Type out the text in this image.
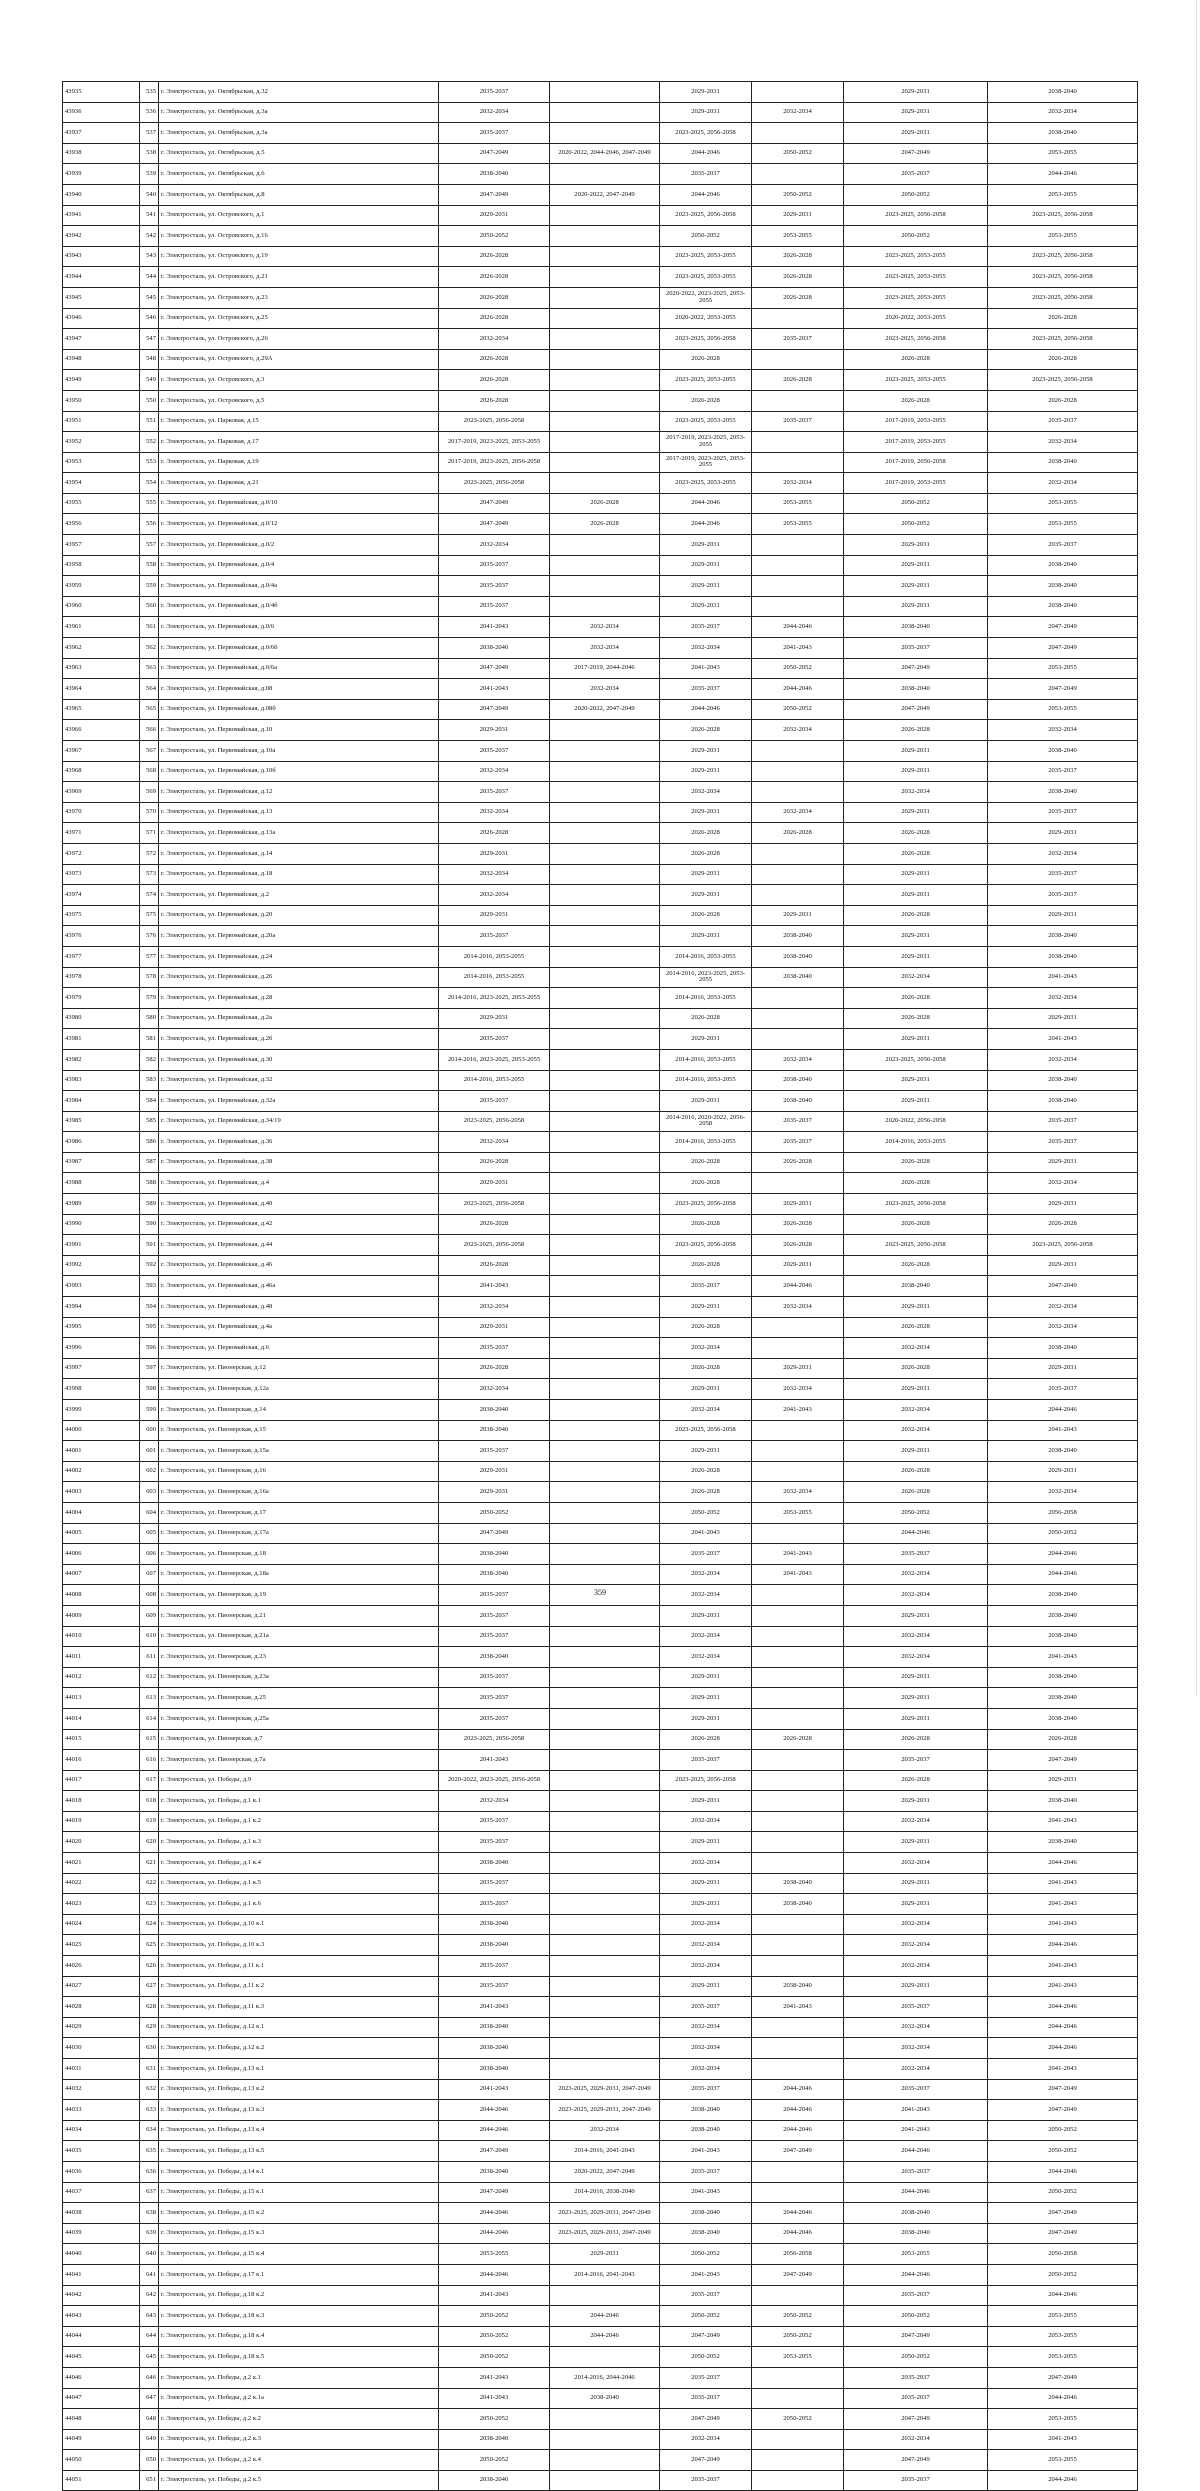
43935	535	г. Электросталь, ул. Октябрьская, д.32	2035-2037		2029-2031		2029-2031	2038-2040
43936	536	г. Электросталь, ул. Октябрьская, д.3а	2032-2034		2029-2031	2032-2034	2029-2031	2032-2034
43937	537	г. Электросталь, ул. Октябрьская, д.3а	2035-2037		2023-2025, 2056-2058		2029-2031	2038-2040
43938	538	г. Электросталь, ул. Октябрьская, д.5	2047-2049	2020-2022, 2044-2046, 2047-2049	2044-2046	2050-2052	2047-2049	2053-2055
43939	539	г. Электросталь, ул. Октябрьская, д.6	2038-2040		2035-2037		2035-2037	2044-2046
43940	540	г. Электросталь, ул. Октябрьская, д.8	2047-2049	2020-2022, 2047-2049	2044-2046	2050-2052	2050-2052	2053-2055
43941	541	г. Электросталь, ул. Островского, д.1	2029-2031		2023-2025, 2056-2058	2029-2031	2023-2025, 2056-2058	2023-2025, 2056-2058
43942	542	г. Электросталь, ул. Островского, д.16	2050-2052		2050-2052	2053-2055	2050-2052	2053-2055
43943	543	г. Электросталь, ул. Островского, д.19	2026-2028		2023-2025, 2053-2055	2026-2028	2023-2025, 2053-2055	2023-2025, 2056-2058
43944	544	г. Электросталь, ул. Островского, д.21	2026-2028		2023-2025, 2053-2055	2026-2028	2023-2025, 2053-2055	2023-2025, 2056-2058
43945	545	г. Электросталь, ул. Островского, д.23	2026-2028		2020-2022, 2023-2025, 2053-2055	2026-2028	2023-2025, 2053-2055	2023-2025, 2056-2058
43946	546	г. Электросталь, ул. Островского, д.25	2026-2028		2020-2022, 2053-2055		2020-2022, 2053-2055	2026-2028
43947	547	г. Электросталь, ул. Островского, д.26	2032-2034		2023-2025, 2056-2058	2035-2037	2023-2025, 2056-2058	2023-2025, 2056-2058
43948	548	г. Электросталь, ул. Островского, д.29А	2026-2028		2026-2028		2026-2028	2026-2028
43949	549	г. Электросталь, ул. Островского, д.3	2026-2028		2023-2025, 2053-2055	2026-2028	2023-2025, 2053-2055	2023-2025, 2056-2058
43950	550	г. Электросталь, ул. Островского, д.5	2026-2028		2026-2028		2026-2028	2026-2028
43951	551	г. Электросталь, ул. Парковая, д.15	2023-2025, 2056-2058		2023-2025, 2053-2055	2035-2037	2017-2019, 2053-2055	2035-2037
43952	552	г. Электросталь, ул. Парковая, д.17	2017-2019, 2023-2025, 2053-2055		2017-2019, 2023-2025, 2053-2055		2017-2019, 2053-2055	2032-2034
43953	553	г. Электросталь, ул. Парковая, д.19	2017-2019, 2023-2025, 2056-2058		2017-2019, 2023-2025, 2053-2055		2017-2019, 2056-2058	2038-2040
43954	554	г. Электросталь, ул. Парковая, д.21	2023-2025, 2056-2058		2023-2025, 2053-2055	2032-2034	2017-2019, 2053-2055	2032-2034
43955	555	г. Электросталь, ул. Первомайская, д.0/10	2047-2049	2026-2028	2044-2046	2053-2055	2050-2052	2053-2055
43956	556	г. Электросталь, ул. Первомайская, д.0/12	2047-2049	2026-2028	2044-2046	2053-2055	2050-2052	2053-2055
43957	557	г. Электросталь, ул. Первомайская, д.0/2	2032-2034		2029-2031		2029-2031	2035-2037
43958	558	г. Электросталь, ул. Первомайская, д.0/4	2035-2037		2029-2031		2029-2031	2038-2040
43959	559	г. Электросталь, ул. Первомайская, д.0/4а	2035-2037		2029-2031		2029-2031	2038-2040
43960	560	г. Электросталь, ул. Первомайская, д.0/4б	2035-2037		2029-2031		2029-2031	2038-2040
43961	561	г. Электросталь, ул. Первомайская, д.0/6	2041-2043	2032-2034	2035-2037	2044-2046	2038-2040	2047-2049
43962	562	г. Электросталь, ул. Первомайская, д.0/6б	2038-2040	2032-2034	2032-2034	2041-2043	2035-2037	2047-2049
43963	563	г. Электросталь, ул. Первомайская, д.0/6а	2047-2049	2017-2019, 2044-2046	2041-2043	2050-2052	2047-2049	2053-2055
43964	564	г. Электросталь, ул. Первомайская, д.08	2041-2043	2032-2034	2035-2037	2044-2046	2038-2040	2047-2049
43965	565	г. Электросталь, ул. Первомайская, д.08б	2047-2049	2020-2022, 2047-2049	2044-2046	2050-2052	2047-2049	2053-2055
43966	566	г. Электросталь, ул. Первомайская, д.10	2029-2031		2026-2028	2032-2034	2026-2028	2032-2034
43967	567	г. Электросталь, ул. Первомайская, д.10а	2035-2037		2029-2031		2029-2031	2038-2040
43968	568	г. Электросталь, ул. Первомайская, д.10б	2032-2034		2029-2031		2029-2031	2035-2037
43969	569	г. Электросталь, ул. Первомайская, д.12	2035-2037		2032-2034		2032-2034	2038-2040
43970	570	г. Электросталь, ул. Первомайская, д.13	2032-2034		2029-2031	2032-2034	2029-2031	2035-2037
43971	571	г. Электросталь, ул. Первомайская, д.13а	2026-2028		2026-2028	2026-2028	2026-2028	2029-2031
43972	572	г. Электросталь, ул. Первомайская, д.14	2029-2031		2026-2028		2026-2028	2032-2034
43973	573	г. Электросталь, ул. Первомайская, д.18	2032-2034		2029-2031		2029-2031	2035-2037
43974	574	г. Электросталь, ул. Первомайская, д.2	2032-2034		2029-2031		2029-2031	2035-2037
43975	575	г. Электросталь, ул. Первомайская, д.20	2029-2031		2026-2028	2029-2031	2026-2028	2029-2031
43976	576	г. Электросталь, ул. Первомайская, д.20а	2035-2037		2029-2031	2038-2040	2029-2031	2038-2040
43977	577	г. Электросталь, ул. Первомайская, д.24	2014-2016, 2053-2055		2014-2016, 2053-2055	2038-2040	2029-2031	2038-2040
43978	578	г. Электросталь, ул. Первомайская, д.26	2014-2016, 2053-2055		2014-2016, 2023-2025, 2053-2055	2038-2040	2032-2034	2041-2043
43979	579	г. Электросталь, ул. Первомайская, д.28	2014-2016, 2023-2025, 2053-2055		2014-2016, 2053-2055		2026-2028	2032-2034
43980	580	г. Электросталь, ул. Первомайская, д.2а	2029-2031		2026-2028		2026-2028	2029-2031
43981	581	г. Электросталь, ул. Первомайская, д.2б	2035-2037		2029-2031		2029-2031	2041-2043
43982	582	г. Электросталь, ул. Первомайская, д.30	2014-2016, 2023-2025, 2053-2055		2014-2016, 2053-2055	2032-2034	2023-2025, 2056-2058	2032-2034
43983	583	г. Электросталь, ул. Первомайская, д.32	2014-2016, 2053-2055		2014-2016, 2053-2055	2038-2040	2029-2031	2038-2040
43984	584	г. Электросталь, ул. Первомайская, д.32а	2035-2037		2029-2031	2038-2040	2029-2031	2038-2040
43985	585	г. Электросталь, ул. Первомайская, д.34/19	2023-2025, 2056-2058		2014-2016, 2020-2022, 2056-2058	2035-2037	2020-2022, 2056-2058	2035-2037
43986	586	г. Электросталь, ул. Первомайская, д.36	2032-2034		2014-2016, 2053-2055	2035-2037	2014-2016, 2053-2055	2035-2037
43987	587	г. Электросталь, ул. Первомайская, д.38	2026-2028		2026-2028	2026-2028	2026-2028	2029-2031
43988	588	г. Электросталь, ул. Первомайская, д.4	2029-2031		2026-2028		2026-2028	2032-2034
43989	589	г. Электросталь, ул. Первомайская, д.40	2023-2025, 2056-2058		2023-2025, 2056-2058	2029-2031	2023-2025, 2056-2058	2029-2031
43990	590	г. Электросталь, ул. Первомайская, д.42	2026-2028		2026-2028	2026-2028	2026-2028	2026-2028
43991	591	г. Электросталь, ул. Первомайская, д.44	2023-2025, 2056-2058		2023-2025, 2056-2058	2026-2028	2023-2025, 2056-2058	2023-2025, 2056-2058
43992	592	г. Электросталь, ул. Первомайская, д.46	2026-2028		2026-2028	2029-2031	2026-2028	2029-2031
43993	593	г. Электросталь, ул. Первомайская, д.46а	2041-2043		2035-2037	2044-2046	2038-2040	2047-2049
43994	594	г. Электросталь, ул. Первомайская, д.48	2032-2034		2029-2031	2032-2034	2029-2031	2032-2034
43995	595	г. Электросталь, ул. Первомайская, д.4а	2029-2031		2026-2028		2026-2028	2032-2034
43996	596	г. Электросталь, ул. Первомайская, д.6	2035-2037		2032-2034		2032-2034	2038-2040
43997	597	г. Электросталь, ул. Пионерская, д.12	2026-2028		2026-2028	2029-2031	2026-2028	2029-2031
43998	598	г. Электросталь, ул. Пионерская, д.12а	2032-2034		2029-2031	2032-2034	2029-2031	2035-2037
43999	599	г. Электросталь, ул. Пионерская, д.14	2038-2040		2032-2034	2041-2043	2032-2034	2044-2046
44000	600	г. Электросталь, ул. Пионерская, д.15	2038-2040		2023-2025, 2056-2058		2032-2034	2041-2043
44001	601	г. Электросталь, ул. Пионерская, д.15а	2035-2037		2029-2031		2029-2031	2038-2040
44002	602	г. Электросталь, ул. Пионерская, д.16	2029-2031		2026-2028		2026-2028	2029-2031
44003	603	г. Электросталь, ул. Пионерская, д.16а	2029-2031		2026-2028	2032-2034	2026-2028	2032-2034
44004	604	г. Электросталь, ул. Пионерская, д.17	2050-2052		2050-2052	2053-2055	2050-2052	2056-2058
44005	605	г. Электросталь, ул. Пионерская, д.17а	2047-2049		2041-2043		2044-2046	2050-2052
44006	606	г. Электросталь, ул. Пионерская, д.18	2038-2040		2035-2037	2041-2043	2035-2037	2044-2046
44007	607	г. Электросталь, ул. Пионерская, д.18а	2038-2040		2032-2034	2041-2043	2032-2034	2044-2046
44008	608	г. Электросталь, ул. Пионерская, д.19	2035-2037		2032-2034		2032-2034	2038-2040
44009	609	г. Электросталь, ул. Пионерская, д.21	2035-2037		2029-2031		2029-2031	2038-2040
44010	610	г. Электросталь, ул. Пионерская, д.21а	2035-2037		2032-2034		2032-2034	2038-2040
44011	611	г. Электросталь, ул. Пионерская, д.23	2038-2040		2032-2034		2032-2034	2041-2043
44012	612	г. Электросталь, ул. Пионерская, д.23а	2035-2037		2029-2031		2029-2031	2038-2040
44013	613	г. Электросталь, ул. Пионерская, д.25	2035-2037		2029-2031		2029-2031	2038-2040
44014	614	г. Электросталь, ул. Пионерская, д.25а	2035-2037		2029-2031		2029-2031	2038-2040
44015	615	г. Электросталь, ул. Пионерская, д.7	2023-2025, 2056-2058		2026-2028	2026-2028	2026-2028	2026-2028
44016	616	г. Электросталь, ул. Пионерская, д.7а	2041-2043		2035-2037		2035-2037	2047-2049
44017	617	г. Электросталь, ул. Победы, д.9	2020-2022, 2023-2025, 2056-2058		2023-2025, 2056-2058		2026-2028	2029-2031
44018	618	г. Электросталь, ул. Победы, д.1 к.1	2032-2034		2029-2031		2029-2031	2038-2040
44019	619	г. Электросталь, ул. Победы, д.1 к.2	2035-2037		2032-2034		2032-2034	2041-2043
44020	620	г. Электросталь, ул. Победы, д.1 к.3	2035-2037		2029-2031		2029-2031	2038-2040
44021	621	г. Электросталь, ул. Победы, д.1 к.4	2038-2040		2032-2034		2032-2034	2044-2046
44022	622	г. Электросталь, ул. Победы, д.1 к.5	2035-2037		2029-2031	2038-2040	2029-2031	2041-2043
44023	623	г. Электросталь, ул. Победы, д.1 к.6	2035-2037		2029-2031	2038-2040	2029-2031	2041-2043
44024	624	г. Электросталь, ул. Победы, д.10 к.1	2038-2040		2032-2034		2032-2034	2041-2043
44025	625	г. Электросталь, ул. Победы, д.10 к.3	2038-2040		2032-2034		2032-2034	2044-2046
44026	626	г. Электросталь, ул. Победы, д.11 к.1	2035-2037		2032-2034		2032-2034	2041-2043
44027	627	г. Электросталь, ул. Победы, д.11 к.2	2035-2037		2029-2031	2038-2040	2029-2031	2041-2043
44028	628	г. Электросталь, ул. Победы, д.11 к.3	2041-2043		2035-2037	2041-2043	2035-2037	2044-2046
44029	629	г. Электросталь, ул. Победы, д.12 к.1	2038-2040		2032-2034		2032-2034	2044-2046
44030	630	г. Электросталь, ул. Победы, д.12 к.2	2038-2040		2032-2034		2032-2034	2044-2046
44031	631	г. Электросталь, ул. Победы, д.13 к.1	2038-2040		2032-2034		2032-2034	2041-2043
44032	632	г. Электросталь, ул. Победы, д.13 к.2	2041-2043	2023-2025, 2029-2031, 2047-2049	2035-2037	2044-2046	2035-2037	2047-2049
44033	633	г. Электросталь, ул. Победы, д.13 к.3	2044-2046	2023-2025, 2029-2031, 2047-2049	2038-2040	2044-2046	2041-2043	2047-2049
44034	634	г. Электросталь, ул. Победы, д.13 к.4	2044-2046	2032-2034	2038-2040	2044-2046	2041-2043	2050-2052
44035	635	г. Электросталь, ул. Победы, д.13 к.5	2047-2049	2014-2016, 2041-2043	2041-2043	2047-2049	2044-2046	2050-2052
44036	636	г. Электросталь, ул. Победы, д.14 к.1	2038-2040	2020-2022, 2047-2049	2035-2037		2035-2037	2044-2046
44037	637	г. Электросталь, ул. Победы, д.15 к.1	2047-2049	2014-2016, 2038-2040	2041-2043		2044-2046	2050-2052
44038	638	г. Электросталь, ул. Победы, д.15 к.2	2044-2046	2023-2025, 2029-2031, 2047-2049	2038-2040	2044-2046	2038-2040	2047-2049
44039	639	г. Электросталь, ул. Победы, д.15 к.3	2044-2046	2023-2025, 2029-2031, 2047-2049	2038-2040	2044-2046	2038-2040	2047-2049
44040	640	г. Электросталь, ул. Победы, д.15 к.4	2053-2055	2029-2031	2050-2052	2056-2058	2053-2055	2056-2058
44041	641	г. Электросталь, ул. Победы, д.17 к.1	2044-2046	2014-2016, 2041-2043	2041-2043	2047-2049	2044-2046	2050-2052
44042	642	г. Электросталь, ул. Победы, д.18 к.2	2041-2043		2035-2037		2035-2037	2044-2046
44043	643	г. Электросталь, ул. Победы, д.18 к.3	2050-2052	2044-2046	2050-2052	2050-2052	2050-2052	2053-2055
44044	644	г. Электросталь, ул. Победы, д.18 к.4	2050-2052	2044-2046	2047-2049	2050-2052	2047-2049	2053-2055
44045	645	г. Электросталь, ул. Победы, д.18 к.5	2050-2052		2050-2052	2053-2055	2050-2052	2053-2055
44046	646	г. Электросталь, ул. Победы, д.2 к.1	2041-2043	2014-2016, 2044-2046	2035-2037		2035-2037	2047-2049
44047	647	г. Электросталь, ул. Победы, д.2 к.1а	2041-2043	2038-2040	2035-2037		2035-2037	2044-2046
44048	648	г. Электросталь, ул. Победы, д.2 к.2	2050-2052		2047-2049	2050-2052	2047-2049	2053-2055
44049	649	г. Электросталь, ул. Победы, д.2 к.3	2038-2040		2032-2034		2032-2034	2041-2043
44050	650	г. Электросталь, ул. Победы, д.2 к.4	2050-2052		2047-2049		2047-2049	2053-2055
44051	651	г. Электросталь, ул. Победы, д.2 к.5	2038-2040		2035-2037		2035-2037	2044-2046
359
